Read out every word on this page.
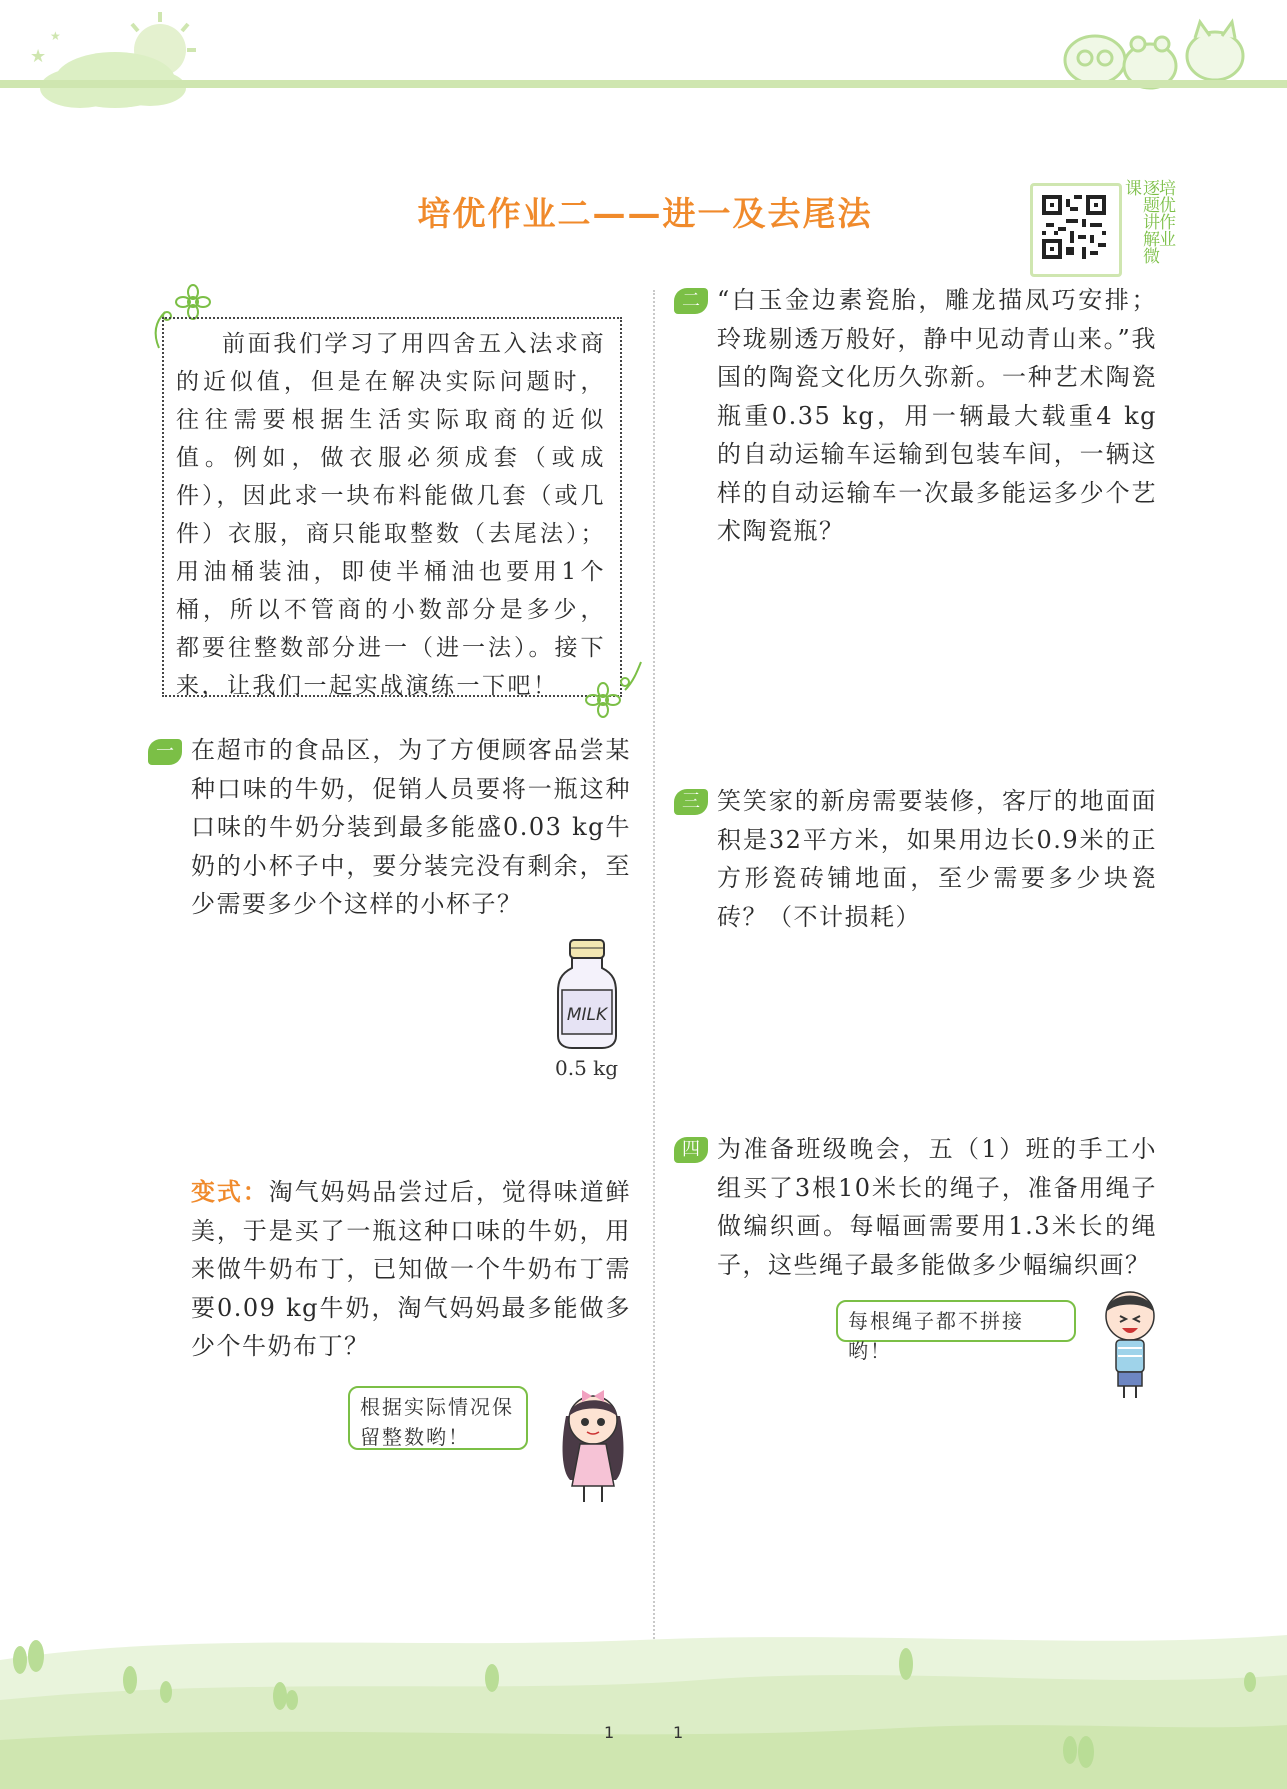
★
★
培优作业二——进一及去尾法	逐题讲解微课 培优作业

前面我们学习了用四舍五入法求商的近似值，但是在解决实际问题时，往往需要根据生活实际取商的近似值。例如，做衣服必须成套（或成件），因此求一块布料能做几套（或几件）衣服，商只能取整数（去尾法）；用油桶装油，即使半桶油也要用1个桶，所以不管商的小数部分是多少，都要往整数部分进一（进一法）。接下来，让我们一起实战演练一下吧！

一 在超市的食品区，为了方便顾客品尝某种口味的牛奶，促销人员要将一瓶这种口味的牛奶分装到最多能盛0.03 kg牛奶的小杯子中，要分装完没有剩余，至少需要多少个这样的小杯子？

MILK
0.5 kg

变式：淘气妈妈品尝过后，觉得味道鲜美，于是买了一瓶这种口味的牛奶，用来做牛奶布丁，已知做一个牛奶布丁需要0.09 kg牛奶，淘气妈妈最多能做多少个牛奶布丁？

根据实际情况保留整数哟！
二 “白玉金边素瓷胎，雕龙描凤巧安排；玲珑剔透万般好，静中见动青山来。”我国的陶瓷文化历久弥新。一种艺术陶瓷瓶重0.35 kg，用一辆最大载重4 kg的自动运输车运输到包装车间，一辆这样的自动运输车一次最多能运多少个艺术陶瓷瓶？

三 笑笑家的新房需要装修，客厅的地面面积是32平方米，如果用边长0.9米的正方形瓷砖铺地面，至少需要多少块瓷砖？（不计损耗）

四 为准备班级晚会，五（1）班的手工小组买了3根10米长的绳子，准备用绳子做编织画。每幅画需要用1.3米长的绳子，这些绳子最多能做多少幅编织画？

每根绳子都不拼接哟！
1	1
